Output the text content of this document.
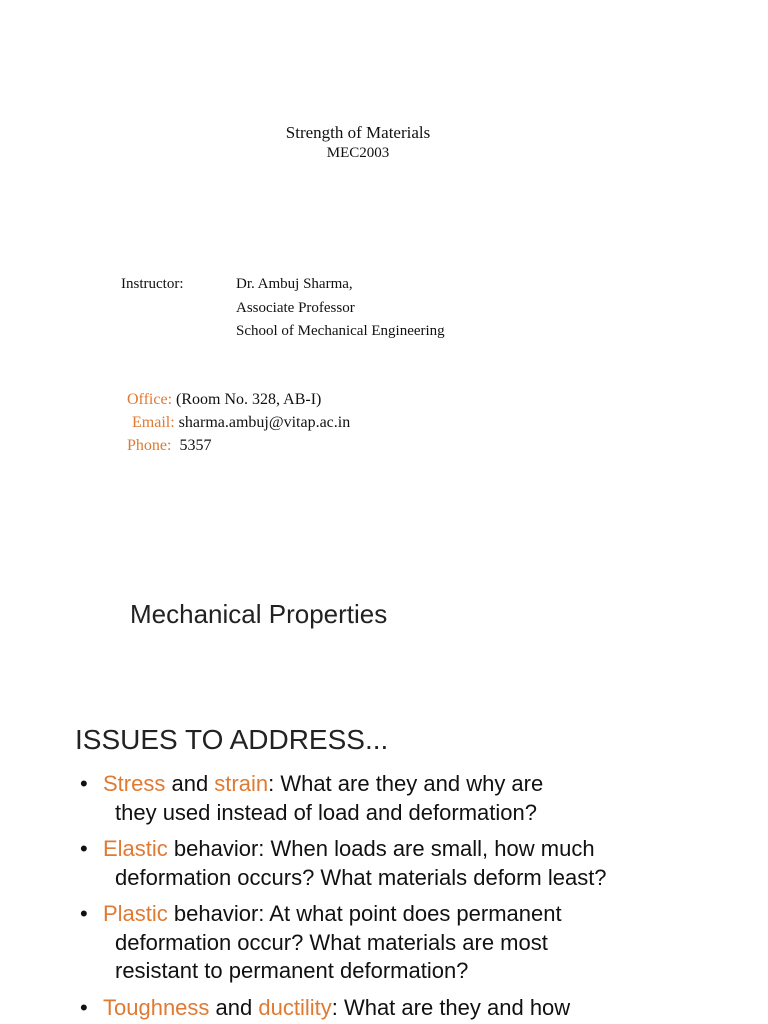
Strength of Materials
MEC2003
Instructor:	Dr. Ambuj Sharma,
Associate Professor
School of Mechanical Engineering
Office: (Room No. 328, AB-I)
Email: sharma.ambuj@vitap.ac.in
Phone:  5357
Mechanical Properties
ISSUES TO ADDRESS...
• Stress and strain: What are they and why are
they used instead of load and deformation?
• Elastic behavior: When loads are small, how much
deformation occurs? What materials deform least?
• Plastic behavior: At what point does permanent
deformation occur? What materials are most
resistant to permanent deformation?
• Toughness and ductility: What are they and how
